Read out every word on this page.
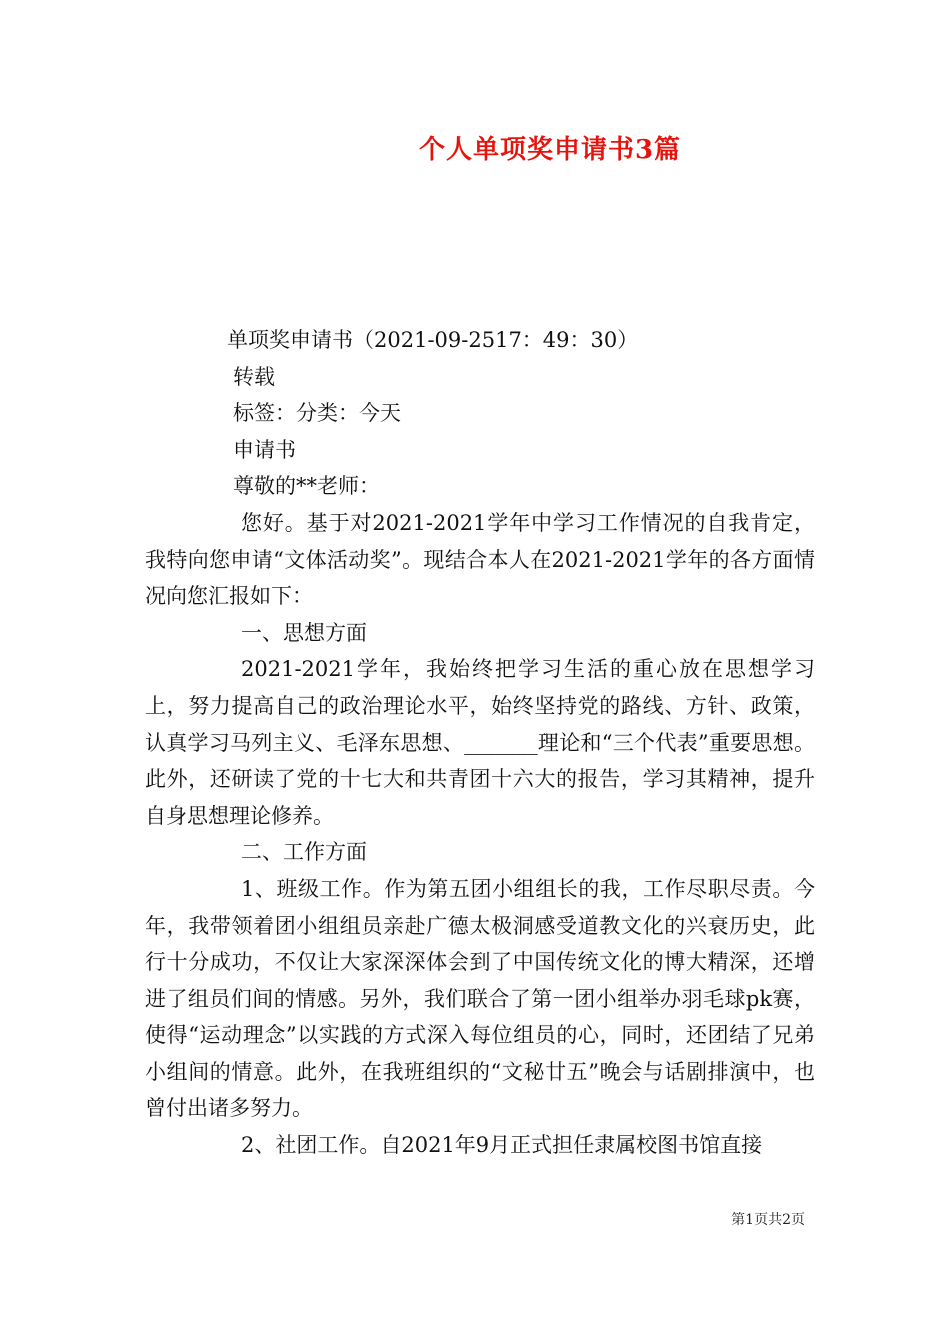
个人单项奖申请书3篇

单项奖申请书（2021-09-2517：49：30）

转载

标签：分类：今天

申请书

尊敬的**老师：

您好。基于对2021-2021学年中学习工作情况的自我肯定，我特向您申请“文体活动奖”。现结合本人在2021-2021学年的各方面情况向您汇报如下：

一、思想方面

2021-2021学年，我始终把学习生活的重心放在思想学习上，努力提高自己的政治理论水平，始终坚持党的路线、方针、政策，认真学习马列主义、毛泽东思想、_______理论和“三个代表”重要思想。此外，还研读了党的十七大和共青团十六大的报告，学习其精神，提升自身思想理论修养。

二、工作方面

1、班级工作。作为第五团小组组长的我，工作尽职尽责。今年，我带领着团小组组员亲赴广德太极洞感受道教文化的兴衰历史，此行十分成功，不仅让大家深深体会到了中国传统文化的博大精深，还增进了组员们间的情感。另外，我们联合了第一团小组举办羽毛球pk赛，使得“运动理念”以实践的方式深入每位组员的心，同时，还团结了兄弟小组间的情意。此外，在我班组织的“文秘廿五”晚会与话剧排演中，也曾付出诸多努力。

2、社团工作。自2021年9月正式担任隶属校图书馆直接

第1页共2页
